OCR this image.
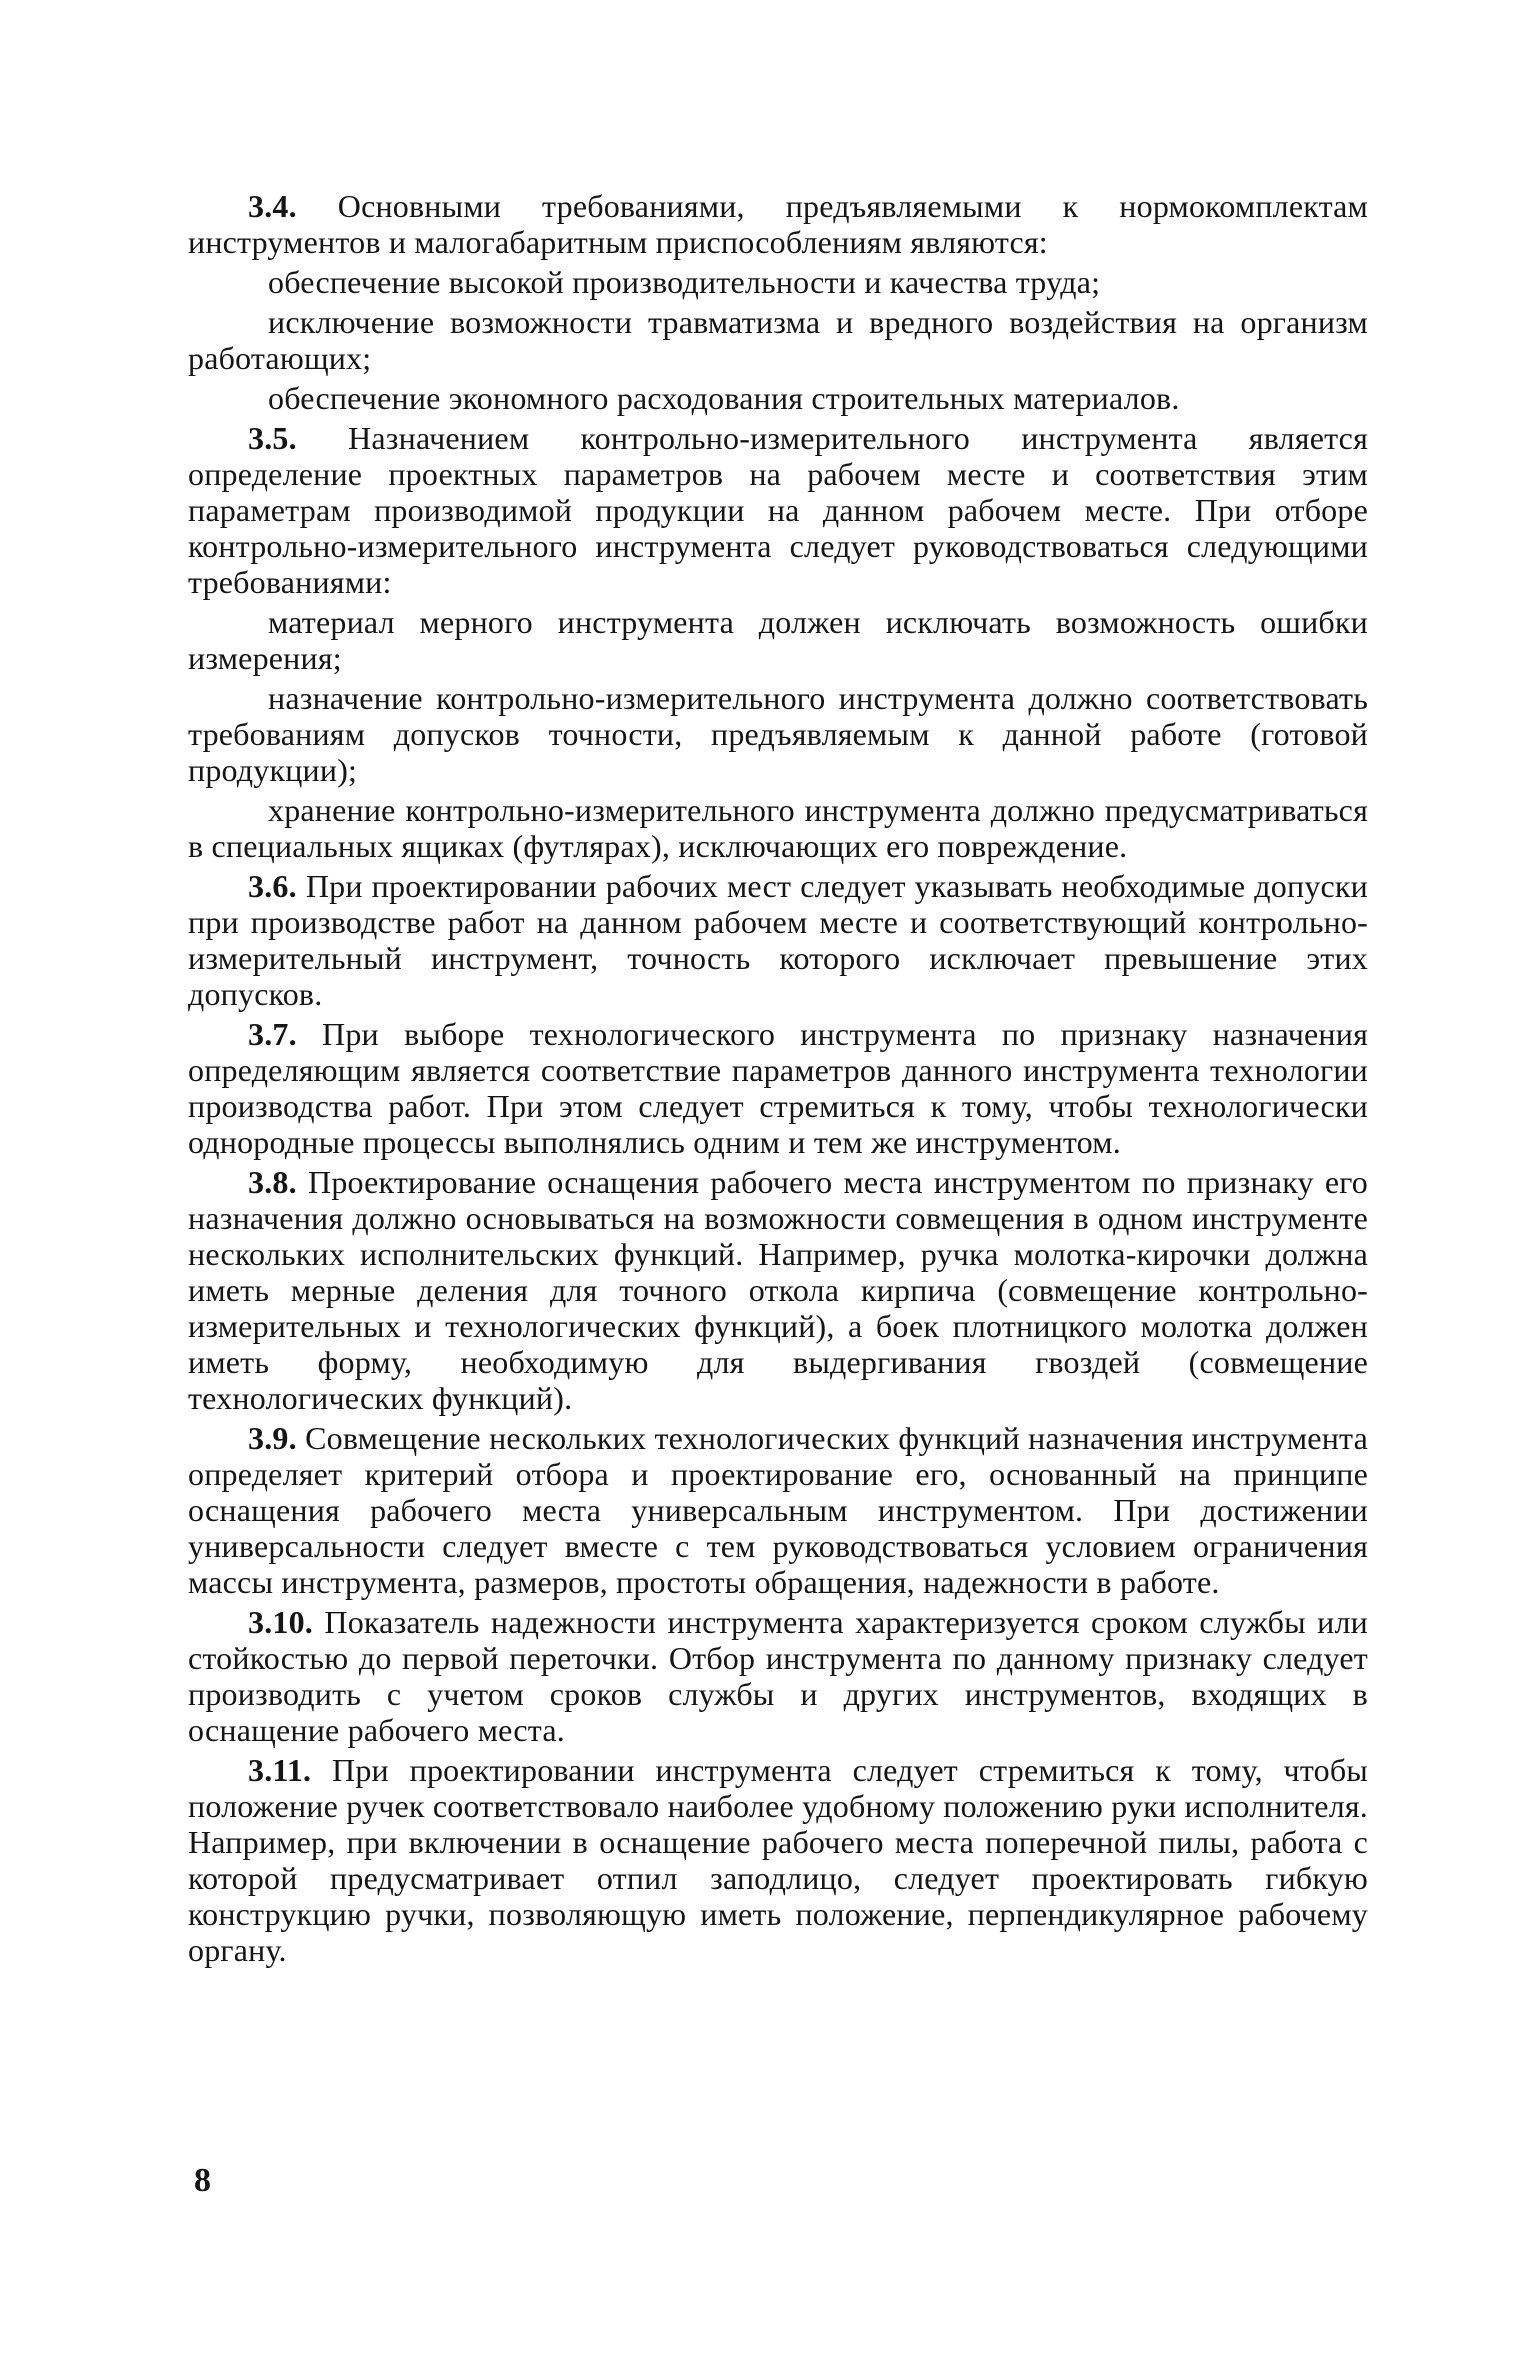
3.4. Основными требованиями, предъявляемыми к нормокомплектам инструментов и малогабаритным приспособлениям являются:

обеспечение высокой производительности и качества труда;

исключение возможности травматизма и вредного воздействия на организм работающих;

обеспечение экономного расходования строительных материалов.

3.5. Назначением контрольно-измерительного инструмента является определение проектных параметров на рабочем месте и соответствия этим параметрам производимой продукции на данном рабочем месте. При отборе контрольно-измерительного инструмента следует руководствоваться следующими требованиями:

материал мерного инструмента должен исключать возможность ошибки измерения;

назначение контрольно-измерительного инструмента должно соответствовать требованиям допусков точности, предъявляемым к данной работе (готовой продукции);

хранение контрольно-измерительного инструмента должно предусматриваться в специальных ящиках (футлярах), исключающих его повреждение.

3.6. При проектировании рабочих мест следует указывать необходимые допуски при производстве работ на данном рабочем месте и соответствующий контрольно-измерительный инструмент, точность которого исключает превышение этих допусков.

3.7. При выборе технологического инструмента по признаку назначения определяющим является соответствие параметров данного инструмента технологии производства работ. При этом следует стремиться к тому, чтобы технологически однородные процессы выполнялись одним и тем же инструментом.

3.8. Проектирование оснащения рабочего места инструментом по признаку его назначения должно основываться на возможности совмещения в одном инструменте нескольких исполнительских функций. Например, ручка молотка-кирочки должна иметь мерные деления для точного откола кирпича (совмещение контрольно-измерительных и технологических функций), а боек плотницкого молотка должен иметь форму, необходимую для выдергивания гвоздей (совмещение технологических функций).

3.9. Совмещение нескольких технологических функций назначения инструмента определяет критерий отбора и проектирование его, основанный на принципе оснащения рабочего места универсальным инструментом. При достижении универсальности следует вместе с тем руководствоваться условием ограничения массы инструмента, размеров, простоты обращения, надежности в работе.

3.10. Показатель надежности инструмента характеризуется сроком службы или стойкостью до первой переточки. Отбор инструмента по данному признаку следует производить с учетом сроков службы и других инструментов, входящих в оснащение рабочего места.

3.11. При проектировании инструмента следует стремиться к тому, чтобы положение ручек соответствовало наиболее удобному положению руки исполнителя. Например, при включении в оснащение рабочего места поперечной пилы, работа с которой предусматривает отпил заподлицо, следует проектировать гибкую конструкцию ручки, позволяющую иметь положение, перпендикулярное рабочему органу.

8
